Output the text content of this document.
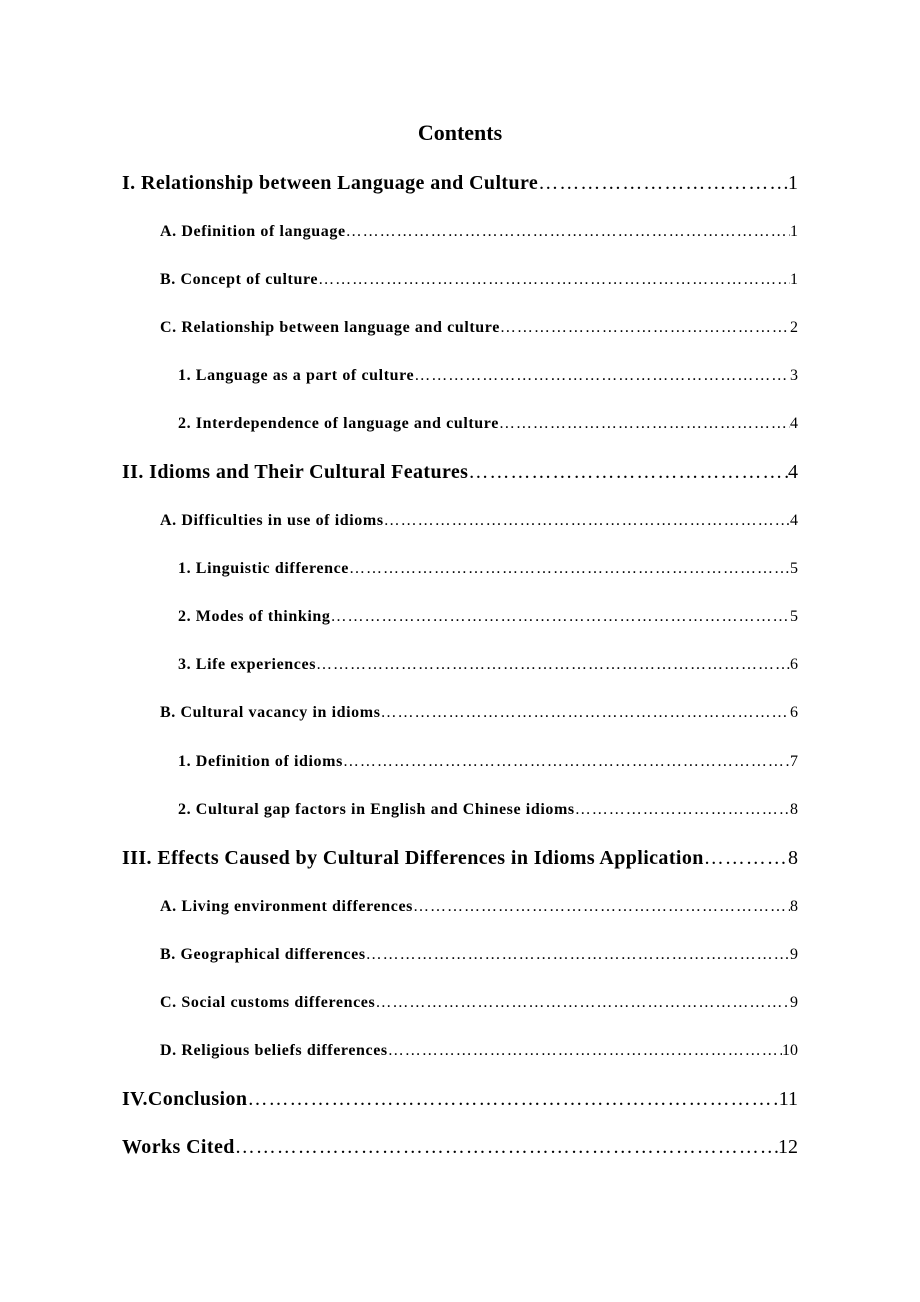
Contents
I. Relationship between Language and Culture ……………………………………………………………………………………………………………………………………………………	1
A. Definition of language ……………………………………………………………………………………………………………………………………………………	1
B. Concept of culture ……………………………………………………………………………………………………………………………………………………	1
C. Relationship between language and culture ……………………………………………………………………………………………………………………………………………………	2
1. Language as a part of culture ……………………………………………………………………………………………………………………………………………………	3
2. Interdependence of language and culture ……………………………………………………………………………………………………………………………………………………	4
II. Idioms and Their Cultural Features ……………………………………………………………………………………………………………………………………………………	4
A. Difficulties in use of idioms ……………………………………………………………………………………………………………………………………………………	4
1. Linguistic difference ……………………………………………………………………………………………………………………………………………………	5
2. Modes of thinking ……………………………………………………………………………………………………………………………………………………	5
3. Life experiences ……………………………………………………………………………………………………………………………………………………	6
B. Cultural vacancy in idioms ……………………………………………………………………………………………………………………………………………………	6
1. Definition of idioms ……………………………………………………………………………………………………………………………………………………	7
2. Cultural gap factors in English and Chinese idioms ……………………………………………………………………………………………………………………………………………………	8
III. Effects Caused by Cultural Differences in Idioms Application ……………………………………………………………………………………………………………………………………………………	8
A. Living environment differences ……………………………………………………………………………………………………………………………………………………	8
B. Geographical differences ……………………………………………………………………………………………………………………………………………………	9
C. Social customs differences ……………………………………………………………………………………………………………………………………………………	9
D. Religious beliefs differences ……………………………………………………………………………………………………………………………………………………	10
IV.Conclusion ……………………………………………………………………………………………………………………………………………………	11
Works Cited ……………………………………………………………………………………………………………………………………………………	12
